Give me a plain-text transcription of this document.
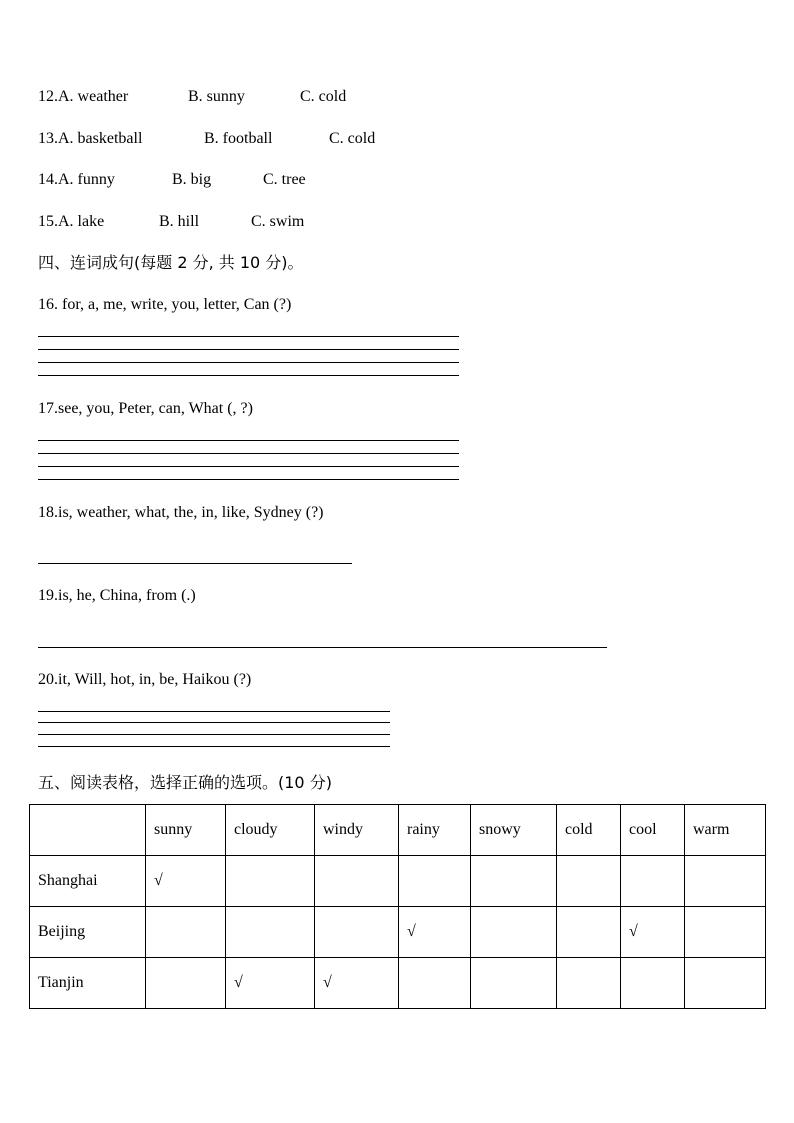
12.A. weather	B. sunny	C. cold
13.A. basketball	B. football	C. cold
14.A. funny	B. big	C. tree
15.A. lake	B. hill	C. swim
四、连词成句(每题 2 分, 共 10 分)。
16. for, a, me, write, you, letter, Can (?)
17.see, you, Peter, can, What (, ?)
18.is, weather, what, the, in, like, Sydney (?)
19.is, he, China, from (.)
20.it, Will, hot, in, be, Haikou (?)
五、阅读表格，选择正确的选项。(10 分)
	sunny	cloudy	windy	rainy	snowy	cold	cool	warm
Shanghai	√							
Beijing				√			√	
Tianjin		√	√					
